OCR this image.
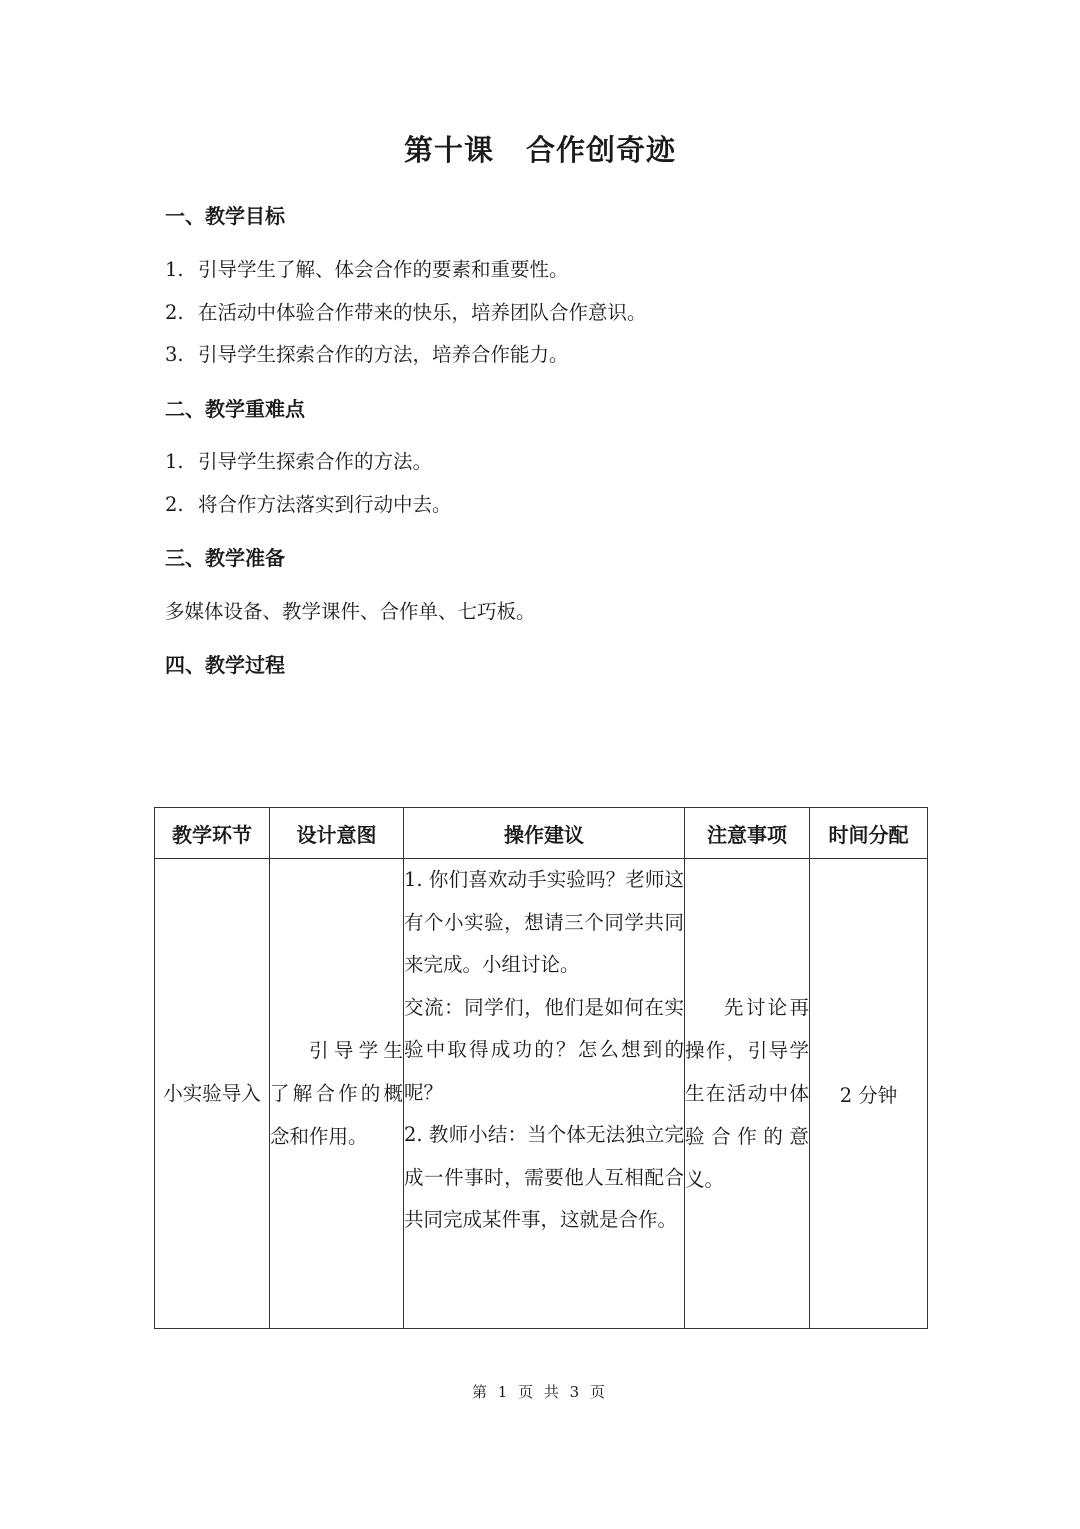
第十课 合作创奇迹
一、教学目标
1. 引导学生了解、体会合作的要素和重要性。
2. 在活动中体验合作带来的快乐，培养团队合作意识。
3. 引导学生探索合作的方法，培养合作能力。
二、教学重难点
1. 引导学生探索合作的方法。
2. 将合作方法落实到行动中去。
三、教学准备
多媒体设备、教学课件、合作单、七巧板。
四、教学过程
教学环节	设计意图	操作建议	注意事项	时间分配
小实验导入	引导学生了解合作的概念和作用。	1. 你们喜欢动手实验吗？老师这有个小实验，想请三个同学共同来完成。小组讨论。
交流：同学们，他们是如何在实验中取得成功的？怎么想到的呢？
2. 教师小结：当个体无法独立完成一件事时，需要他人互相配合共同完成某件事，这就是合作。	先讨论再操作，引导学生在活动中体验合作的意义。	2 分钟
第 1 页 共 3 页
